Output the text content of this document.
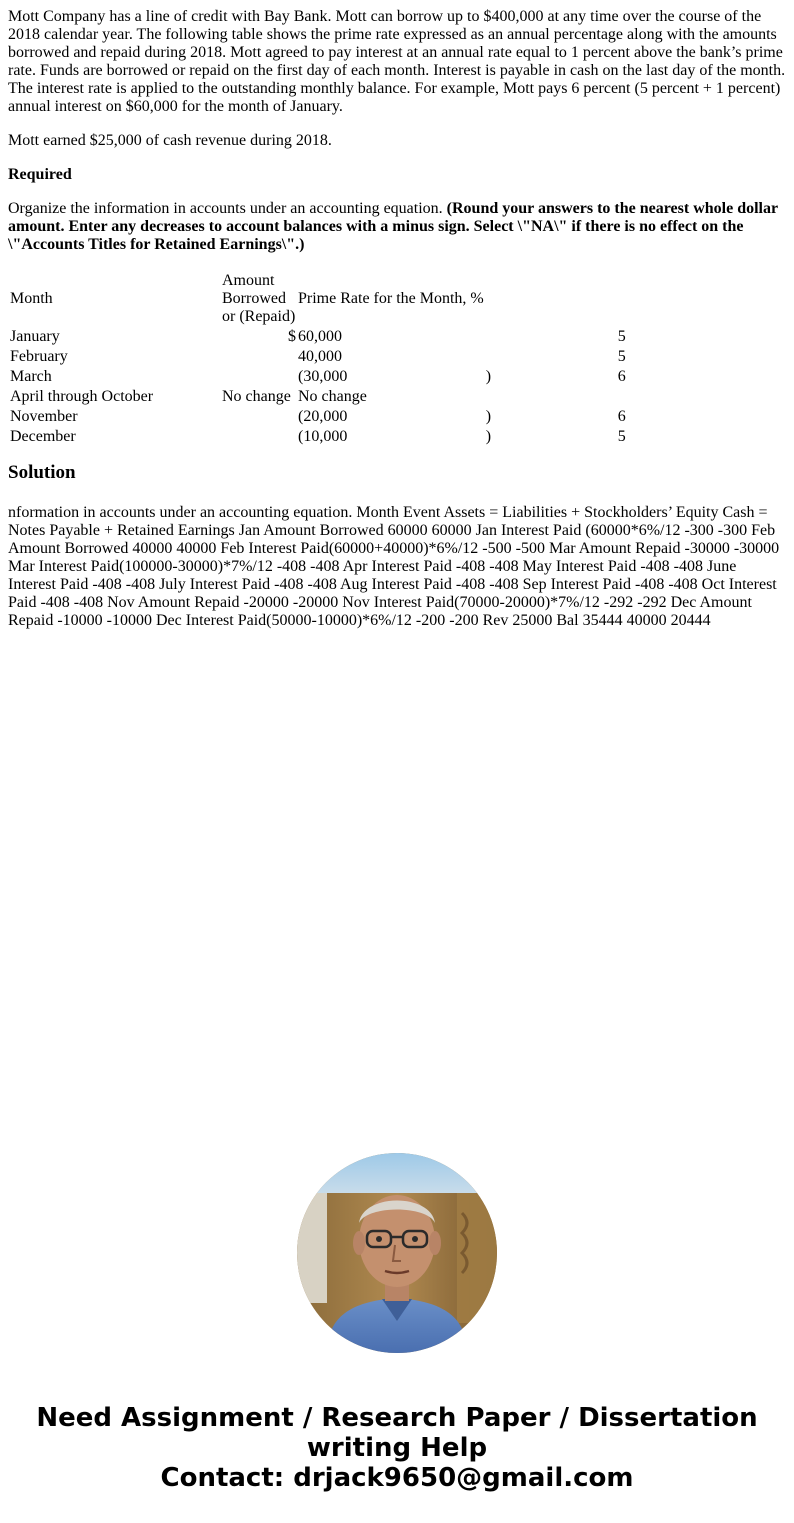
Mott Company has a line of credit with Bay Bank. Mott can borrow up to $400,000 at any time over the course of the 2018 calendar year. The following table shows the prime rate expressed as an annual percentage along with the amounts borrowed and repaid during 2018. Mott agreed to pay interest at an annual rate equal to 1 percent above the bank’s prime rate. Funds are borrowed or repaid on the first day of each month. Interest is payable in cash on the last day of the month. The interest rate is applied to the outstanding monthly balance. For example, Mott pays 6 percent (5 percent + 1 percent) annual interest on $60,000 for the month of January.

Mott earned $25,000 of cash revenue during 2018.

Required

Organize the information in accounts under an accounting equation. (Round your answers to the nearest whole dollar amount. Enter any decreases to account balances with a minus sign. Select \"NA\" if there is no effect on the \"Accounts Titles for Retained Earnings\".)

Month	Amount Borrowed or (Repaid)		Prime Rate for the Month, %			
January		$	60,000			5
February			40,000			5
March			(30,000	)		6
April through October	No change		No change			
November			(20,000	)		6
December			(10,000	)		5
Solution

nformation in accounts under an accounting equation. Month Event Assets = Liabilities + Stockholders’ Equity Cash = Notes Payable + Retained Earnings Jan Amount Borrowed 60000 60000 Jan Interest Paid (60000*6%/12 -300 -300 Feb Amount Borrowed 40000 40000 Feb Interest Paid(60000+40000)*6%/12 -500 -500 Mar Amount Repaid -30000 -30000 Mar Interest Paid(100000-30000)*7%/12 -408 -408 Apr Interest Paid -408 -408 May Interest Paid -408 -408 June Interest Paid -408 -408 July Interest Paid -408 -408 Aug Interest Paid -408 -408 Sep Interest Paid -408 -408 Oct Interest Paid -408 -408 Nov Amount Repaid -20000 -20000 Nov Interest Paid(70000-20000)*7%/12 -292 -292 Dec Amount Repaid -10000 -10000 Dec Interest Paid(50000-10000)*6%/12 -200 -200 Rev 25000 Bal 35444 40000 20444

Need Assignment / Research Paper / Dissertation
writing Help
Contact: drjack9650@gmail.com
